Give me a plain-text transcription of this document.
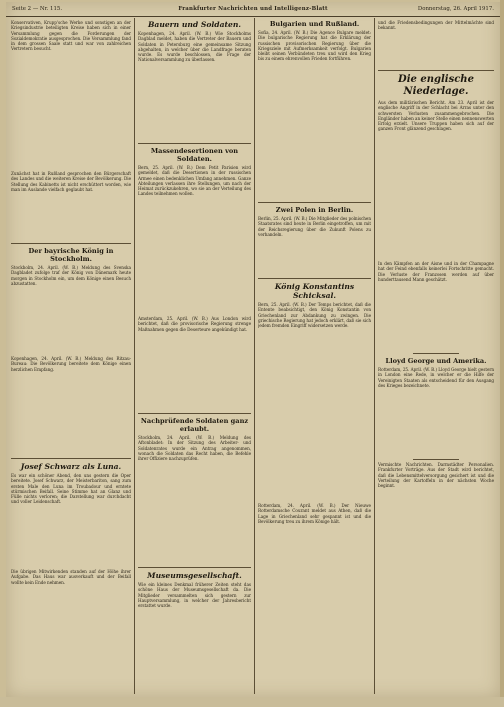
Seite 2 — Nr. 115.	Frankfurter Nachrichten und Intelligenz-Blatt	Donnerstag, 26. April 1917.

Konservativen, Krupp'sche Werke und sonstigen an der Kriegsindustrie beteiligten Kreise haben sich in einer Versammlung gegen die Forderungen der Sozialdemokratie ausgesprochen. Die Versammlung fand in dem grossen Saale statt und war von zahlreichen Vertretern besucht.

Zunächst hat in Rußland gesprochen den Bürgerschaft des Landes und die weiteren Kreise der Bevölkerung. Die Stellung des Kabinetts ist nicht erschüttert worden, wie man im Auslande vielfach geglaubt hat.

Der bayrische König in Stockholm.

Stockholm, 24. April. (W. B.) Meldung des Svenska Dagbladet zufolge traf der König von Dänemark heute morgen in Stockholm ein, um dem Könige einen Besuch abzustatten.

Kopenhagen, 24. April. (W. B.) Meldung des Ritzau-Bureau: Die Bevölkerung bereitete dem Könige einen herzlichen Empfang.

Josef Schwarz als Luna.

Es war ein schöner Abend, den uns gestern die Oper bereitete. Josef Schwarz, der Meisterbariton, sang zum ersten Male den Luna im Troubadour und erntete stürmischen Beifall. Seine Stimme hat an Glanz und Fülle nichts verloren; die Darstellung war durchdacht und voller Leidenschaft.

Die übrigen Mitwirkenden standen auf der Höhe ihrer Aufgabe. Das Haus war ausverkauft und der Beifall wollte kein Ende nehmen.

Bauern und Soldaten.

Kopenhagen, 24. April. (W. B.) Wie Stockholms Dagblad meldet, haben die Vertreter der Bauern und Soldaten in Petersburg eine gemeinsame Sitzung abgehalten, in welcher über die Landfrage beraten wurde. Es wurde beschlossen, die Frage der Nationalversammlung zu überlassen.

Massendesertionen von Soldaten.

Bern, 25. April. (W. B.) Dem Petit Parisien wird gemeldet, daß die Desertionen in der russischen Armee einen bedenklichen Umfang annehmen. Ganze Abteilungen verlassen ihre Stellungen, um nach der Heimat zurückzukehren, wo sie an der Verteilung des Landes teilnehmen wollen.

Amsterdam, 25. April. (W. B.) Aus London wird berichtet, daß die provisorische Regierung strenge Maßnahmen gegen die Deserteure angekündigt hat.

Nachprüfende Soldaten ganz erlaubt.

Stockholm, 24. April. (W. B.) Meldung des Aftonbladet: In der Sitzung des Arbeiter- und Soldatenrates wurde ein Antrag angenommen, wonach die Soldaten das Recht haben, die Befehle ihrer Offiziere nachzuprüfen.

Museumsgesellschaft.

Wie ein kleines Denkmal früherer Zeiten steht das schöne Haus der Museumsgesellschaft da. Die Mitglieder versammelten sich gestern zur Hauptversammlung, in welcher der Jahresbericht erstattet wurde.

Bulgarien und Rußland.

Sofia, 24. April. (W. B.) Die Agence Bulgare meldet: Die bulgarische Regierung hat die Erklärung der russischen provisorischen Regierung über die Kriegsziele mit Aufmerksamkeit verfolgt. Bulgarien bleibt seinen Verbündeten treu und wird den Krieg bis zu einem ehrenvollen Frieden fortführen.

Zwei Polen in Berlin.

Berlin, 25. April. (W. B.) Die Mitglieder des polnischen Staatsrates sind heute in Berlin eingetroffen, um mit der Reichsregierung über die Zukunft Polens zu verhandeln.

König Konstantins Schicksal.

Bern, 25. April. (W. B.) Der Temps berichtet, daß die Entente beabsichtigt, den König Konstantin von Griechenland zur Abdankung zu zwingen. Die griechische Regierung hat jedoch erklärt, daß sie sich jedem fremden Eingriff widersetzen werde.

Rotterdam, 24. April. (W. B.) Der Nieuwe Rotterdamsche Courant meldet aus Athen, daß die Lage in Griechenland sehr gespannt ist und die Bevölkerung treu zu ihrem Könige hält.

und die Friedensbedingungen der Mittelmächte sind bekannt.

Die englische Niederlage.

Aus dem militärischen Bericht. Am 23. April ist der englische Angriff in der Schlacht bei Arras unter den schwersten Verlusten zusammengebrochen. Die Engländer haben an keiner Stelle einen nennenswerten Erfolg erzielt. Unsere Truppen haben sich auf der ganzen Front glänzend geschlagen.

In den Kämpfen an der Aisne und in der Champagne hat der Feind ebenfalls keinerlei Fortschritte gemacht. Die Verluste der Franzosen werden auf über hunderttausend Mann geschätzt.

Lloyd George und Amerika.

Rotterdam, 25. April. (W. B.) Lloyd George hielt gestern in London eine Rede, in welcher er die Hilfe der Vereinigten Staaten als entscheidend für den Ausgang des Krieges bezeichnete.

Vermischte Nachrichten. Darmstädter Personalien. Frankfurter Vorträge. Aus der Stadt wird berichtet, daß die Lebensmittelversorgung gesichert ist und die Verteilung der Kartoffeln in der nächsten Woche beginnt.
